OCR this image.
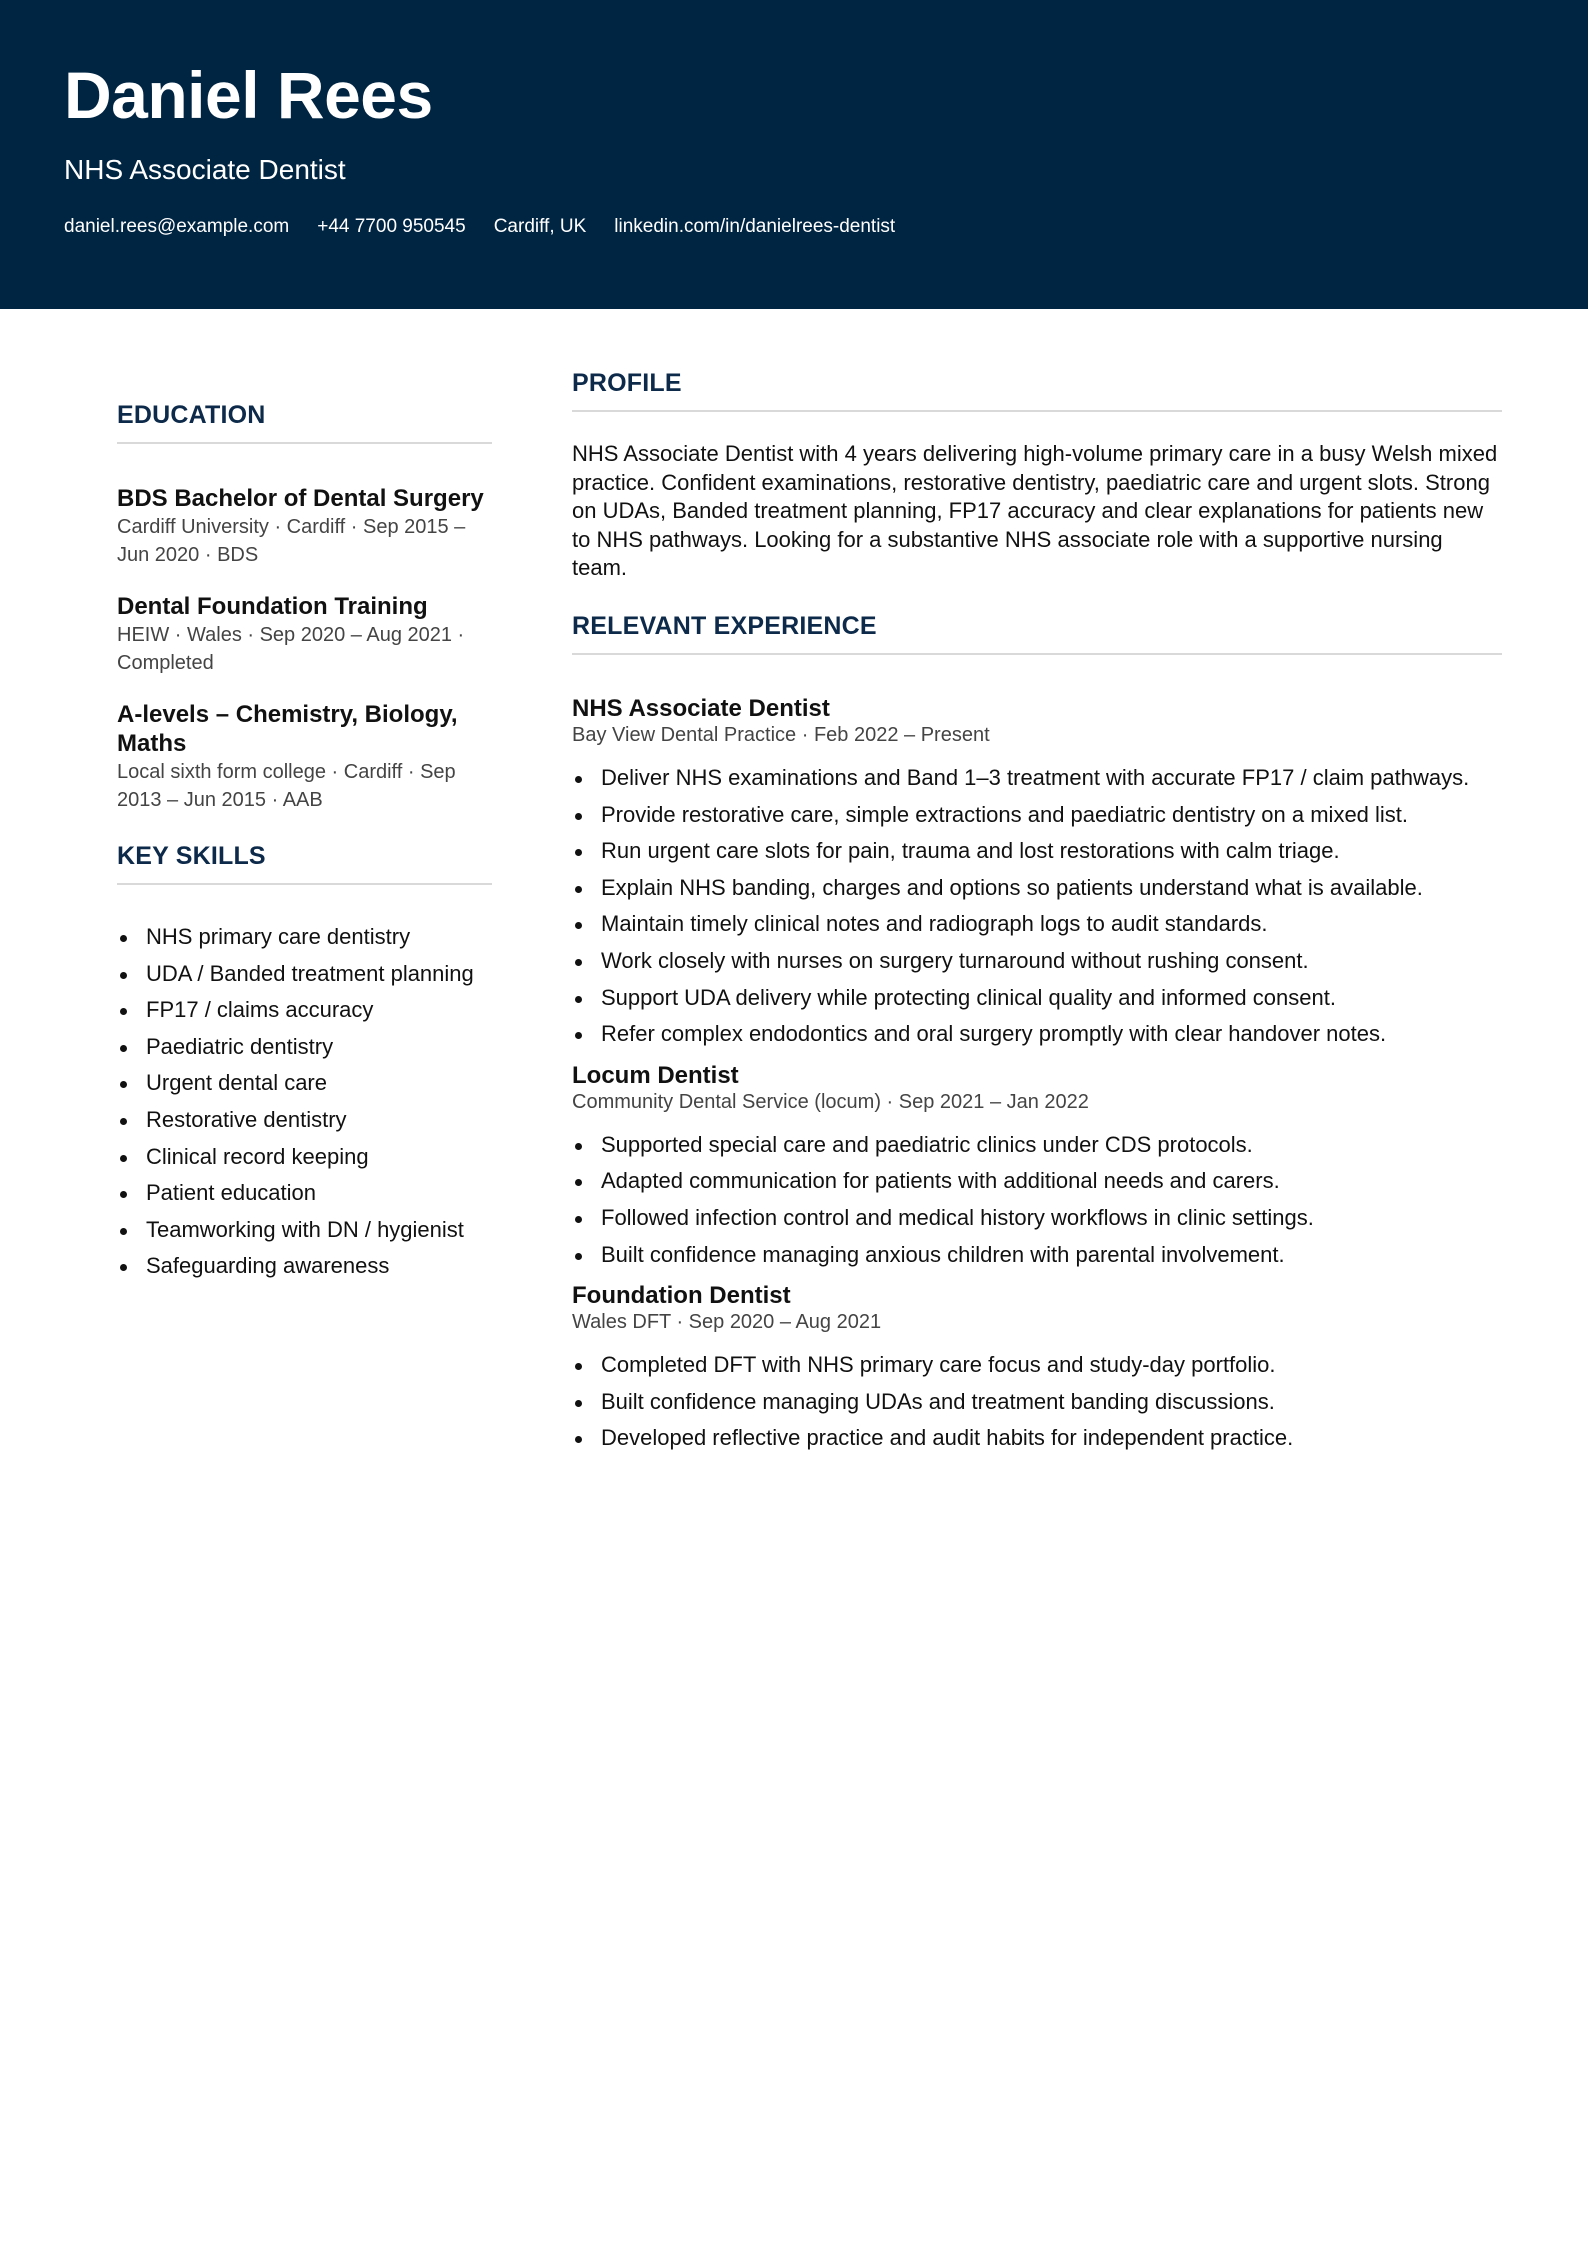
Daniel Rees

NHS Associate Dentist

daniel.rees@example.com +44 7700 950545 Cardiff, UK linkedin.com/in/danielrees-dentist
EDUCATION

BDS Bachelor of Dental Surgery

Cardiff University · Cardiff · Sep 2015 – Jun 2020 · BDS

Dental Foundation Training

HEIW · Wales · Sep 2020 – Aug 2021 · Completed

A-levels – Chemistry, Biology, Maths

Local sixth form college · Cardiff · Sep 2013 – Jun 2015 · AAB

KEY SKILLS
NHS primary care dentistry
UDA / Banded treatment planning
FP17 / claims accuracy
Paediatric dentistry
Urgent dental care
Restorative dentistry
Clinical record keeping
Patient education
Teamworking with DN / hygienist
Safeguarding awareness
PROFILE

NHS Associate Dentist with 4 years delivering high-volume primary care in a busy Welsh mixed practice. Confident examinations, restorative dentistry, paediatric care and urgent slots. Strong on UDAs, Banded treatment planning, FP17 accuracy and clear explanations for patients new to NHS pathways. Looking for a substantive NHS associate role with a supportive nursing team.

RELEVANT EXPERIENCE

NHS Associate Dentist

Bay View Dental Practice · Feb 2022 – Present

Deliver NHS examinations and Band 1–3 treatment with accurate FP17 / claim pathways.
Provide restorative care, simple extractions and paediatric dentistry on a mixed list.
Run urgent care slots for pain, trauma and lost restorations with calm triage.
Explain NHS banding, charges and options so patients understand what is available.
Maintain timely clinical notes and radiograph logs to audit standards.
Work closely with nurses on surgery turnaround without rushing consent.
Support UDA delivery while protecting clinical quality and informed consent.
Refer complex endodontics and oral surgery promptly with clear handover notes.

Locum Dentist

Community Dental Service (locum) · Sep 2021 – Jan 2022

Supported special care and paediatric clinics under CDS protocols.
Adapted communication for patients with additional needs and carers.
Followed infection control and medical history workflows in clinic settings.
Built confidence managing anxious children with parental involvement.

Foundation Dentist

Wales DFT · Sep 2020 – Aug 2021

Completed DFT with NHS primary care focus and study-day portfolio.
Built confidence managing UDAs and treatment banding discussions.
Developed reflective practice and audit habits for independent practice.
